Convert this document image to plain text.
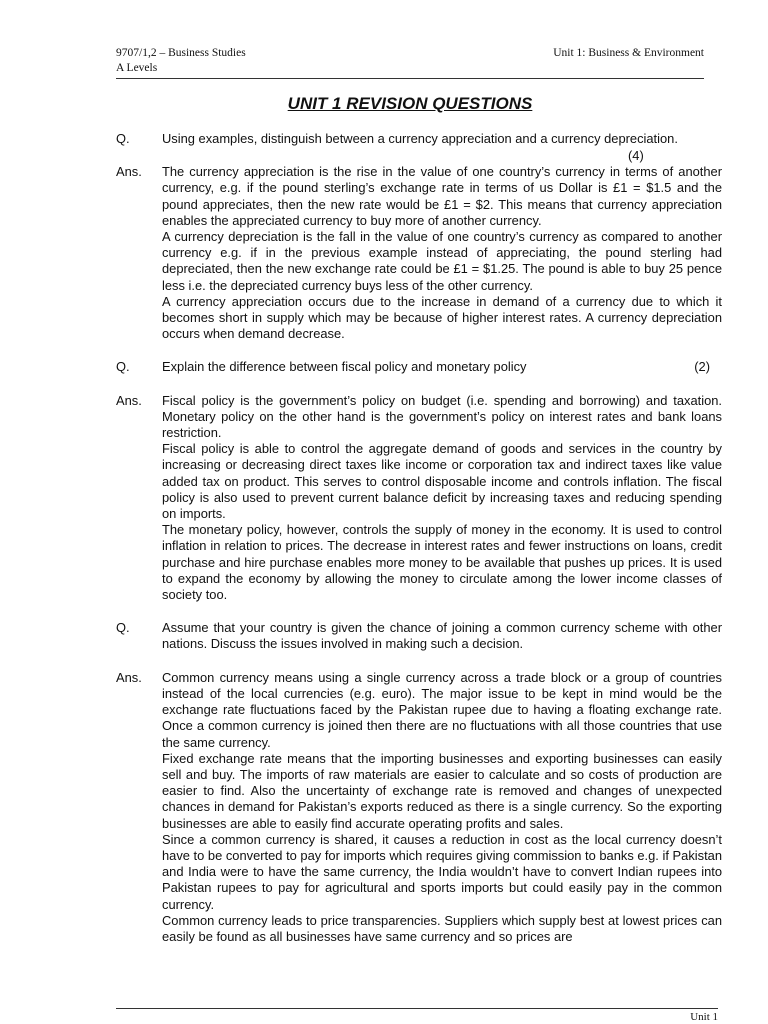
9707/1,2 – Business Studies
A Levels
Unit 1: Business & Environment
UNIT 1 REVISION QUESTIONS
Q.	Using examples, distinguish between a currency appreciation and a currency depreciation.
Ans.	The currency appreciation is the rise in the value of one country’s currency in terms of another currency, e.g. if the pound sterling’s exchange rate in terms of us Dollar is £1 = $1.5 and the pound appreciates, then the new rate would be £1 = $2. This means that currency appreciation enables the appreciated currency to buy more of another currency.

A currency depreciation is the fall in the value of one country’s currency as compared to another currency e.g. if in the previous example instead of appreciating, the pound sterling had depreciated, then the new exchange rate could be £1 = $1.25. The pound is able to buy 25 pence less i.e. the depreciated currency buys less of the other currency.

A currency appreciation occurs due to the increase in demand of a currency due to which it becomes short in supply which may be because of higher interest rates. A currency depreciation occurs when demand decrease.

Q.	Explain the difference between fiscal policy and monetary policy	(2)
Ans.	Fiscal policy is the government’s policy on budget (i.e. spending and borrowing) and taxation. Monetary policy on the other hand is the government’s policy on interest rates and bank loans restriction.

Fiscal policy is able to control the aggregate demand of goods and services in the country by increasing or decreasing direct taxes like income or corporation tax and indirect taxes like value added tax on product. This serves to control disposable income and controls inflation. The fiscal policy is also used to prevent current balance deficit by increasing taxes and reducing spending on imports.

The monetary policy, however, controls the supply of money in the economy. It is used to control inflation in relation to prices. The decrease in interest rates and fewer instructions on loans, credit purchase and hire purchase enables more money to be available that pushes up prices. It is used to expand the economy by allowing the money to circulate among the lower income classes of society too.

Q.	Assume that your country is given the chance of joining a common currency scheme with other nations. Discuss the issues involved in making such a decision.
Ans.	Common currency means using a single currency across a trade block or a group of countries instead of the local currencies (e.g. euro). The major issue to be kept in mind would be the exchange rate fluctuations faced by the Pakistan rupee due to having a floating exchange rate. Once a common currency is joined then there are no fluctuations with all those countries that use the same currency.

Fixed exchange rate means that the importing businesses and exporting businesses can easily sell and buy. The imports of raw materials are easier to calculate and so costs of production are easier to find. Also the uncertainty of exchange rate is removed and changes of unexpected chances in demand for Pakistan’s exports reduced as there is a single currency. So the exporting businesses are able to easily find accurate operating profits and sales.

Since a common currency is shared, it causes a reduction in cost as the local currency doesn’t have to be converted to pay for imports which requires giving commission to banks e.g. if Pakistan and India were to have the same currency, the India wouldn’t have to convert Indian rupees into Pakistan rupees to pay for agricultural and sports imports but could easily pay in the common currency.

Common currency leads to price transparencies. Suppliers which supply best at lowest prices can easily be found as all businesses have same currency and so prices are

Unit 1
(4)
